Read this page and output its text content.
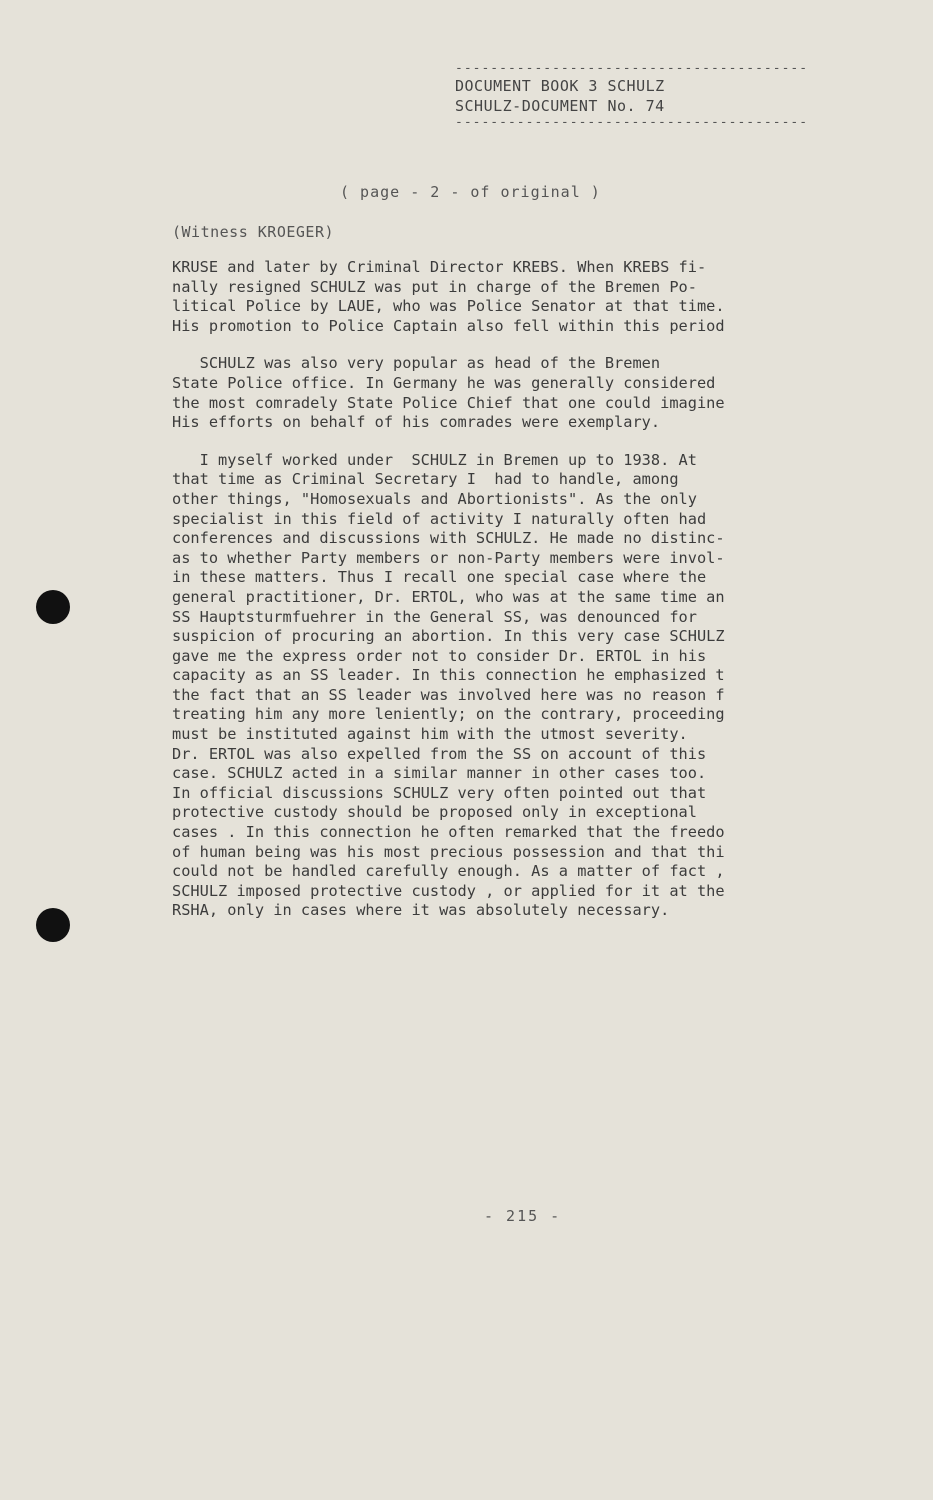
----------------------------------------
DOCUMENT BOOK 3 SCHULZ
SCHULZ-DOCUMENT No. 74
----------------------------------------
( page - 2 - of original )
(Witness KROEGER)
KRUSE and later by Criminal Director KREBS. When KREBS fi-
nally resigned SCHULZ was put in charge of the Bremen Po-
litical Police by LAUE, who was Police Senator at that time.
His promotion to Police Captain also fell within this period
SCHULZ was also very popular as head of the Bremen
State Police office. In Germany he was generally considered
the most comradely State Police Chief that one could imagine
His efforts on behalf of his comrades were exemplary.
I myself worked under  SCHULZ in Bremen up to 1938. At
that time as Criminal Secretary I  had to handle, among
other things, "Homosexuals and Abortionists". As the only
specialist in this field of activity I naturally often had
conferences and discussions with SCHULZ. He made no distinc-
as to whether Party members or non-Party members were invol-
in these matters. Thus I recall one special case where the
general practitioner, Dr. ERTOL, who was at the same time an
SS Hauptsturmfuehrer in the General SS, was denounced for
suspicion of procuring an abortion. In this very case SCHULZ
gave me the express order not to consider Dr. ERTOL in his
capacity as an SS leader. In this connection he emphasized t
the fact that an SS leader was involved here was no reason f
treating him any more leniently; on the contrary, proceeding
must be instituted against him with the utmost severity.
Dr. ERTOL was also expelled from the SS on account of this
case. SCHULZ acted in a similar manner in other cases too.
In official discussions SCHULZ very often pointed out that
protective custody should be proposed only in exceptional
cases . In this connection he often remarked that the freedo
of human being was his most precious possession and that thi
could not be handled carefully enough. As a matter of fact ,
SCHULZ imposed protective custody , or applied for it at the
RSHA, only in cases where it was absolutely necessary.
- 215 -
